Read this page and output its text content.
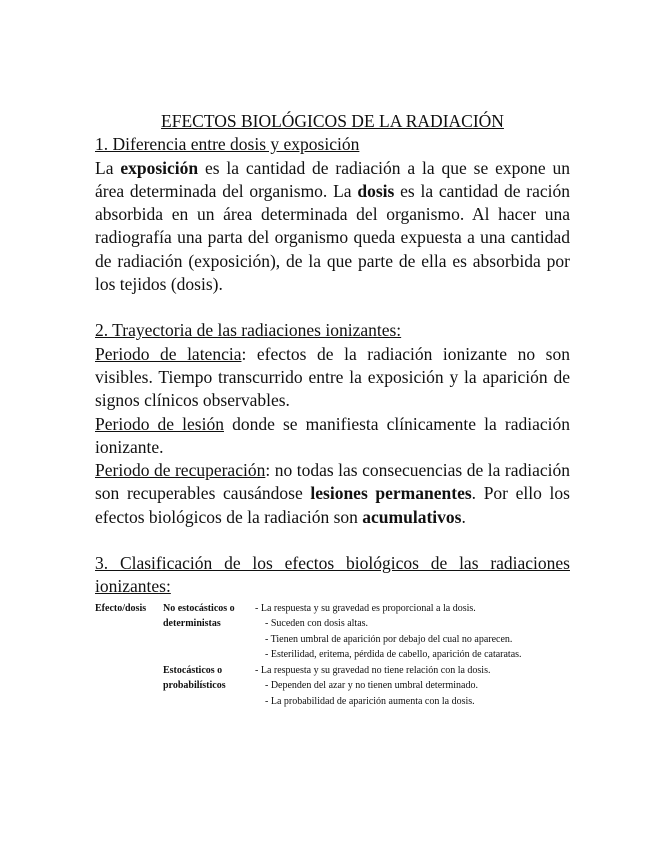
EFECTOS BIOLÓGICOS DE LA RADIACIÓN
1. Diferencia entre dosis y exposición

La exposición es la cantidad de radiación a la que se expone un área determinada del organismo. La dosis es la cantidad de ración absorbida en un área determinada del organismo. Al hacer una radiografía una parta del organismo queda expuesta a una cantidad de radiación (exposición), de la que parte de ella es absorbida por los tejidos (dosis).

2. Trayectoria de las radiaciones ionizantes:

Periodo de latencia: efectos de la radiación ionizante no son visibles. Tiempo transcurrido entre la exposición y la aparición de signos clínicos observables.

Periodo de lesión donde se manifiesta clínicamente la radiación ionizante.

Periodo de recuperación: no todas las consecuencias de la radiación son recuperables causándose lesiones permanentes. Por ello los efectos biológicos de la radiación son acumulativos.

3. Clasificación de los efectos biológicos de las radiaciones ionizantes:
Efecto/dosis	No estocásticos o deterministas

- La respuesta y su gravedad es proporcional a la dosis.

- Suceden con dosis altas.

- Tienen umbral de aparición por debajo del cual no aparecen.

- Esterilidad, eritema, pérdida de cabello, aparición de cataratas.

Estocásticos o probabilísticos

- La respuesta y su gravedad no tiene relación con la dosis.

- Dependen del azar y no tienen umbral determinado.

- La probabilidad de aparición aumenta con la dosis.
